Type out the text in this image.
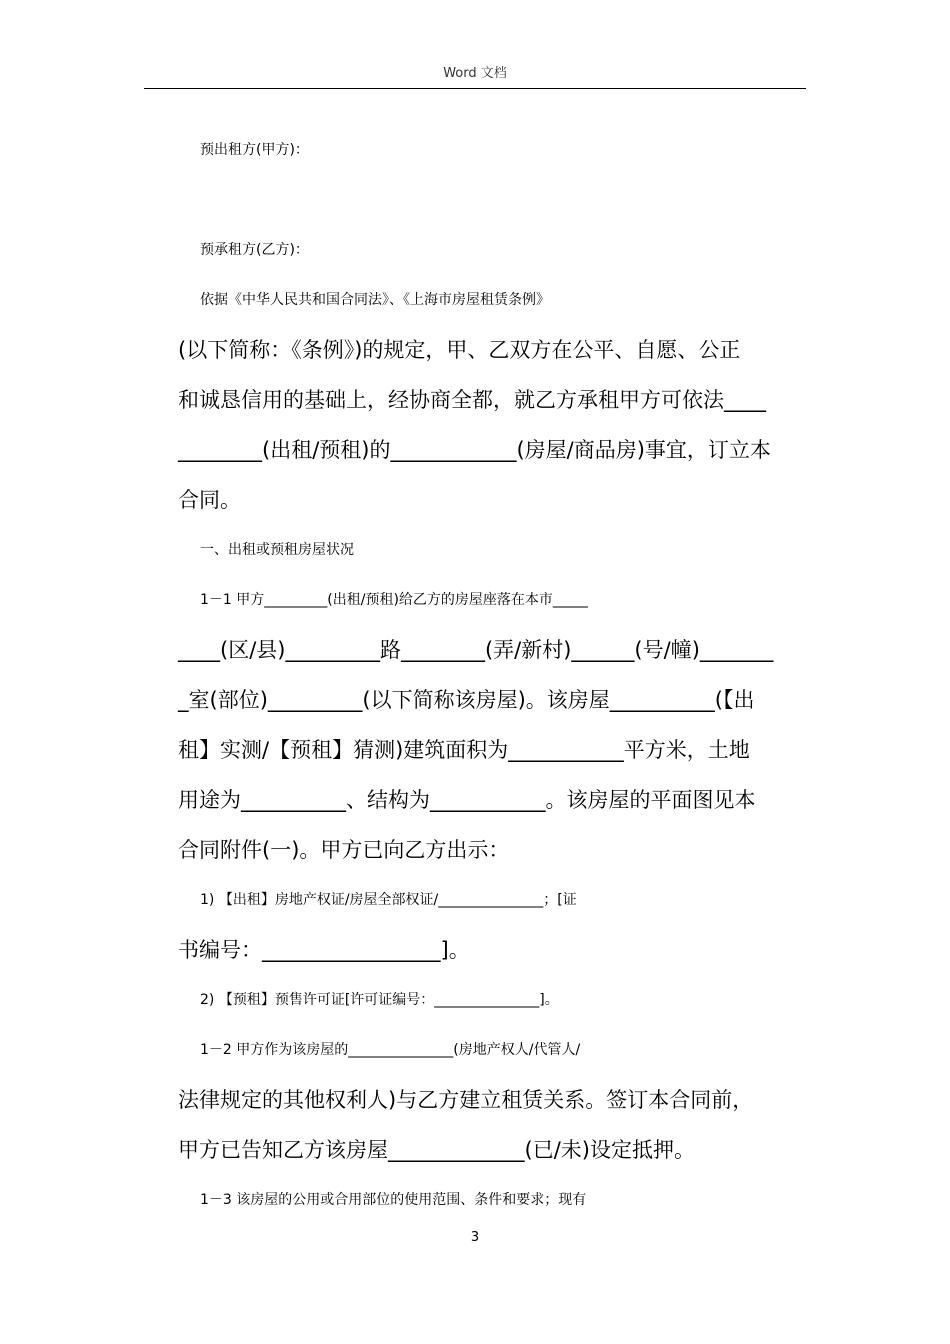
Word 文档
预出租方(甲方)：
预承租方(乙方)：
依据《中华人民共和国合同法》、《上海市房屋租赁条例》
(以下简称：《条例》)的规定，甲、乙双方在公平、自愿、公正
和诚恳信用的基础上，经协商全都，就乙方承租甲方可依法____
________(出租/预租)的____________(房屋/商品房)事宜，订立本
合同。
一、出租或预租房屋状况
1－1 甲方_________(出租/预租)给乙方的房屋座落在本市_____
____(区/县)_________路________(弄/新村)______(号/幢)_______
_室(部位)_________(以下简称该房屋)。该房屋__________(【出
租】实测/【预租】猜测)建筑面积为___________平方米，土地
用途为__________、结构为___________。该房屋的平面图见本
合同附件(一)。甲方已向乙方出示：
1) 【出租】房地产权证/房屋全部权证/_______________；[证
书编号：_________________]。
2) 【预租】预售许可证[许可证编号：_______________]。
1－2 甲方作为该房屋的_______________(房地产权人/代管人/
法律规定的其他权利人)与乙方建立租赁关系。签订本合同前，
甲方已告知乙方该房屋_____________(已/未)设定抵押。
1－3 该房屋的公用或合用部位的使用范围、条件和要求；现有
3
